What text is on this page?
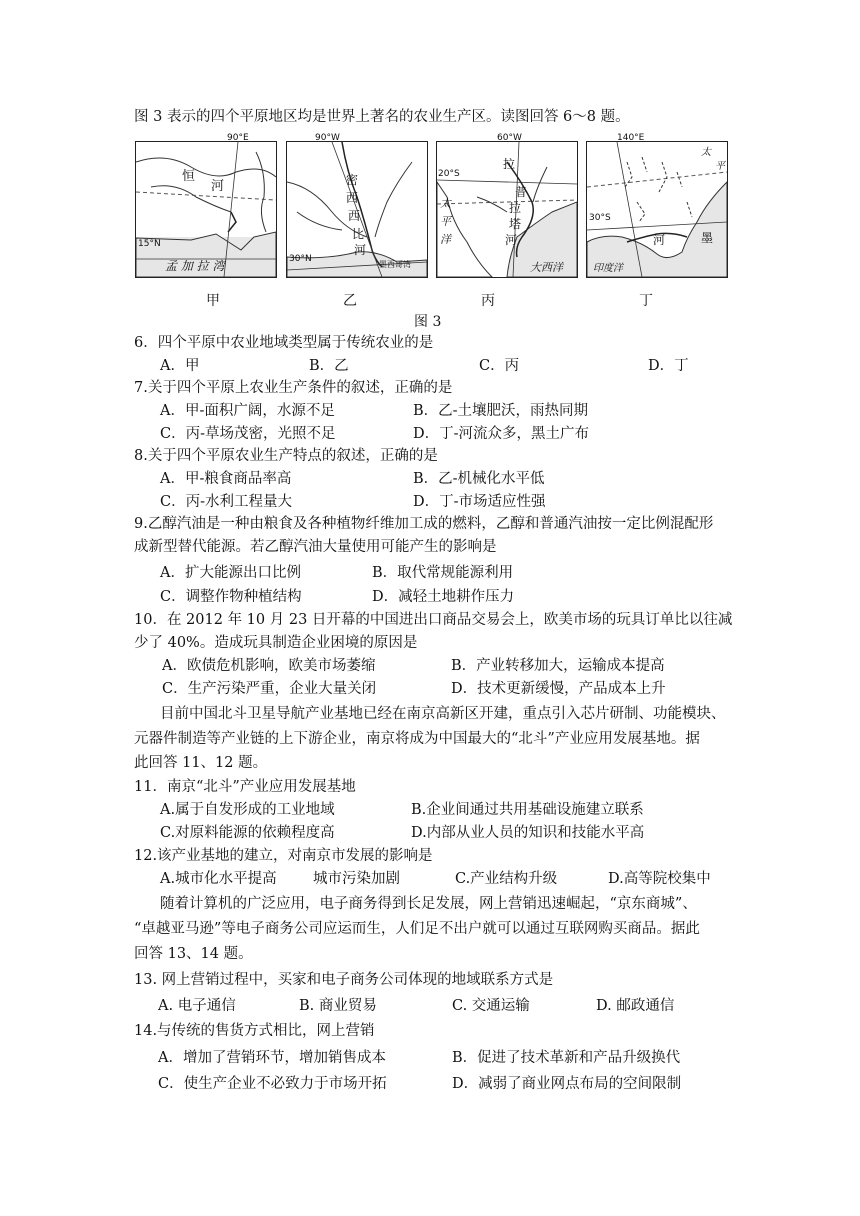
图 3 表示的四个平原地区均是世界上著名的农业生产区。读图回答 6～8 题。
90°E	90°W	60°W	140°E
15°N
30°N
20°S
30°S
恒
河
孟 加 拉 湾
密
西
西
比
河
墨西哥湾
拉
普
拉
塔
河
太
平
洋
大西洋
太
平
河	墨
印度洋
甲	乙	丙	丁
图 3
6．四个平原中农业地域类型属于传统农业的是
A．甲	B．乙	C．丙	D．丁
7.关于四个平原上农业生产条件的叙述，正确的是
A．甲-面积广阔，水源不足	B．乙-土壤肥沃，雨热同期
C．丙-草场茂密，光照不足	D．丁-河流众多，黑土广布
8.关于四个平原农业生产特点的叙述，正确的是
A．甲-粮食商品率高	B．乙-机械化水平低
C．丙-水利工程量大	D．丁-市场适应性强
9.乙醇汽油是一种由粮食及各种植物纤维加工成的燃料，乙醇和普通汽油按一定比例混配形
成新型替代能源。若乙醇汽油大量使用可能产生的影响是
A．扩大能源出口比例	B．取代常规能源利用
C．调整作物种植结构	D．减轻土地耕作压力
10．在 2012 年 10 月 23 日开幕的中国进出口商品交易会上，欧美市场的玩具订单比以往减
少了 40%。造成玩具制造企业困境的原因是
A．欧债危机影响，欧美市场萎缩	B．产业转移加大，运输成本提高
C．生产污染严重，企业大量关闭	D．技术更新缓慢，产品成本上升
目前中国北斗卫星导航产业基地已经在南京高新区开建，重点引入芯片研制、功能模块、
元器件制造等产业链的上下游企业，南京将成为中国最大的“北斗”产业应用发展基地。据
此回答 11、12 题。
11．南京“北斗”产业应用发展基地
A.属于自发形成的工业地域	B.企业间通过共用基础设施建立联系
C.对原料能源的依赖程度高	D.内部从业人员的知识和技能水平高
12.该产业基地的建立，对南京市发展的影响是
A.城市化水平提高	城市污染加剧	C.产业结构升级	D.高等院校集中
随着计算机的广泛应用，电子商务得到长足发展，网上营销迅速崛起，“京东商城”、
“卓越亚马逊”等电子商务公司应运而生，人们足不出户就可以通过互联网购买商品。据此
回答 13、14 题。
13. 网上营销过程中，买家和电子商务公司体现的地域联系方式是
A. 电子通信	B. 商业贸易	C. 交通运输	D. 邮政通信
14.与传统的售货方式相比，网上营销
A．增加了营销环节，增加销售成本	B．促进了技术革新和产品升级换代
C．使生产企业不必致力于市场开拓	D．减弱了商业网点布局的空间限制
